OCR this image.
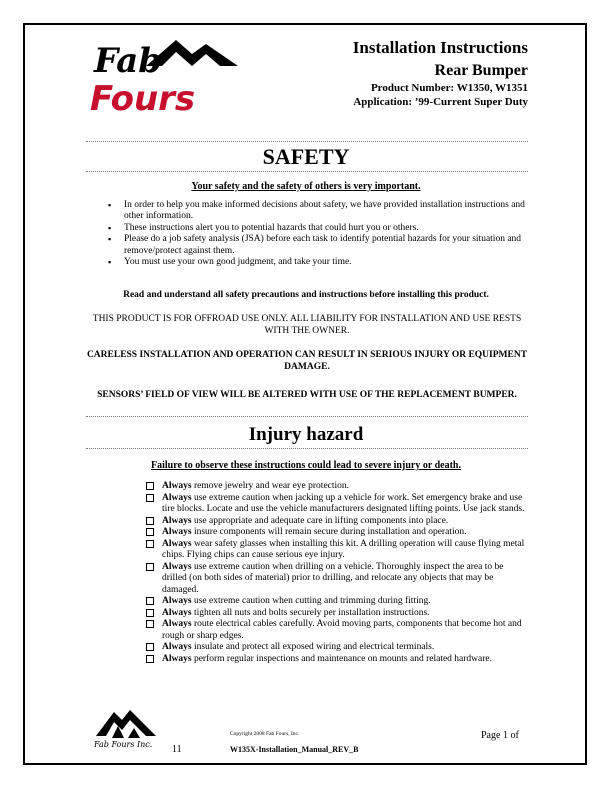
Fab
Fours
Installation Instructions
Rear Bumper
Product Number: W1350, W1351
Application: ’99-Current Super Duty
SAFETY
Your safety and the safety of others is very important.
▪ In order to help you make informed decisions about safety, we have provided installation instructions and other information.
▪ These instructions alert you to potential hazards that could hurt you or others.
▪ Please do a job safety analysis (JSA) before each task to identify potential hazards for your situation and remove/protect against them.
▪ You must use your own good judgment, and take your time.
Read and understand all safety precautions and instructions before installing this product.
THIS PRODUCT IS FOR OFFROAD USE ONLY. ALL LIABILITY FOR INSTALLATION AND USE RESTS WITH THE OWNER.
CARELESS INSTALLATION AND OPERATION CAN RESULT IN SERIOUS INJURY OR EQUIPMENT DAMAGE.
SENSORS’ FIELD OF VIEW WILL BE ALTERED WITH USE OF THE REPLACEMENT BUMPER.
Injury hazard
Failure to observe these instructions could lead to severe injury or death.
Always remove jewelry and wear eye protection.
Always use extreme caution when jacking up a vehicle for work. Set emergency brake and use tire blocks. Locate and use the vehicle manufacturers designated lifting points. Use jack stands.
Always use appropriate and adequate care in lifting components into place.
Always insure components will remain secure during installation and operation.
Always wear safety glasses when installing this kit. A drilling operation will cause flying metal chips. Flying chips can cause serious eye injury.
Always use extreme caution when drilling on a vehicle. Thoroughly inspect the area to be drilled (on both sides of material) prior to drilling, and relocate any objects that may be damaged.
Always use extreme caution when cutting and trimming during fitting.
Always tighten all nuts and bolts securely per installation instructions.
Always route electrical cables carefully. Avoid moving parts, components that become hot and rough or sharp edges.
Always insulate and protect all exposed wiring and electrical terminals.
Always perform regular inspections and maintenance on mounts and related hardware.
Fab Fours Inc.
Copyright 2008 Fab Fours, Inc.	Page 1 of
11	W135X-Installation_Manual_REV_B
